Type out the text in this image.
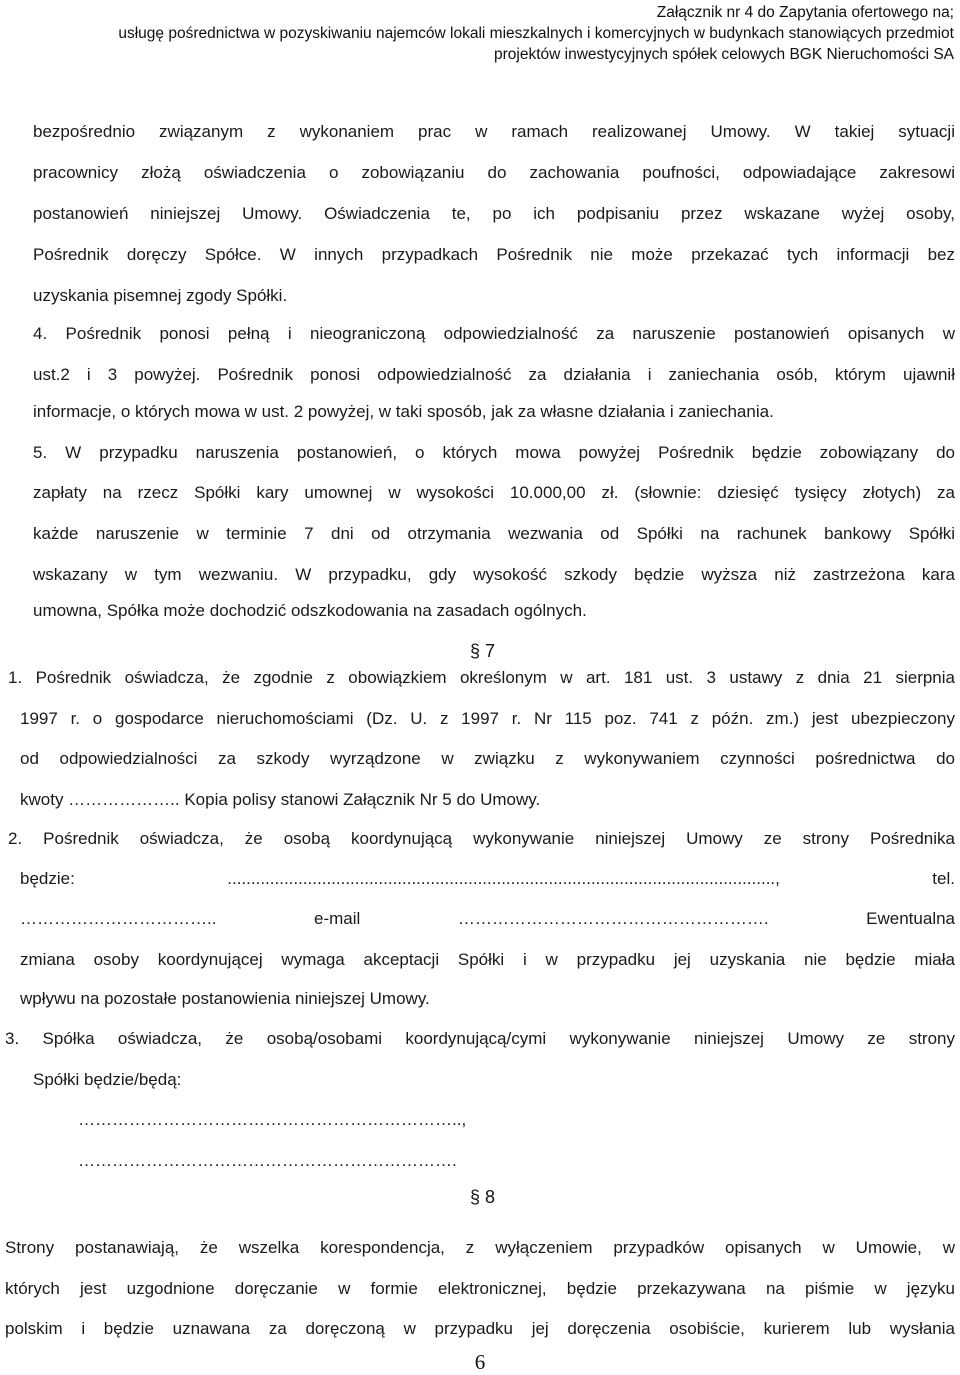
Załącznik nr 4 do Zapytania ofertowego na;
usługę pośrednictwa w pozyskiwaniu najemców lokali mieszkalnych i komercyjnych w budynkach stanowiących przedmiot
projektów inwestycyjnych spółek celowych BGK Nieruchomości SA
bezpośrednio związanym z wykonaniem prac w ramach realizowanej Umowy. W takiej sytuacji
pracownicy złożą oświadczenia o zobowiązaniu do zachowania poufności, odpowiadające zakresowi
postanowień niniejszej Umowy. Oświadczenia te, po ich podpisaniu przez wskazane wyżej osoby,
Pośrednik doręczy Spółce. W innych przypadkach Pośrednik nie może przekazać tych informacji bez
uzyskania pisemnej zgody Spółki.
4. Pośrednik ponosi pełną i nieograniczoną odpowiedzialność za naruszenie postanowień opisanych w
ust.2 i 3 powyżej. Pośrednik ponosi odpowiedzialność za działania i zaniechania osób, którym ujawnił
informacje, o których mowa w ust. 2 powyżej, w taki sposób, jak za własne działania i zaniechania.
5. W przypadku naruszenia postanowień, o których mowa powyżej Pośrednik będzie zobowiązany do
zapłaty na rzecz Spółki kary umownej w wysokości 10.000,00 zł. (słownie: dziesięć tysięcy złotych) za
każde naruszenie w terminie 7 dni od otrzymania wezwania od Spółki na rachunek bankowy Spółki
wskazany w tym wezwaniu. W przypadku, gdy wysokość szkody będzie wyższa niż zastrzeżona kara
umowna, Spółka może dochodzić odszkodowania na zasadach ogólnych.
§ 7
1. Pośrednik oświadcza, że zgodnie z obowiązkiem określonym w art. 181 ust. 3 ustawy z dnia 21 sierpnia
1997 r. o gospodarce nieruchomościami (Dz. U. z 1997 r. Nr 115 poz. 741 z późn. zm.) jest ubezpieczony
od odpowiedzialności za szkody wyrządzone w związku z wykonywaniem czynności pośrednictwa do
kwoty ……………….. Kopia polisy stanowi Załącznik Nr 5 do Umowy.
2. Pośrednik oświadcza, że osobą koordynującą wykonywanie niniejszej Umowy ze strony Pośrednika
będzie: ...................................................................................................................., tel.
…………………………….. e-mail ………………………………………………. Ewentualna
zmiana osoby koordynującej wymaga akceptacji Spółki i w przypadku jej uzyskania nie będzie miała
wpływu na pozostałe postanowienia niniejszej Umowy.
3. Spółka oświadcza, że osobą/osobami koordynującą/cymi wykonywanie niniejszej Umowy ze strony
Spółki będzie/będą:
…………………………………………………………..,
………………………………………………………….
§ 8
Strony postanawiają, że wszelka korespondencja, z wyłączeniem przypadków opisanych w Umowie, w
których jest uzgodnione doręczanie w formie elektronicznej, będzie przekazywana na piśmie w języku
polskim i będzie uznawana za doręczoną w przypadku jej doręczenia osobiście, kurierem lub wysłania
6
